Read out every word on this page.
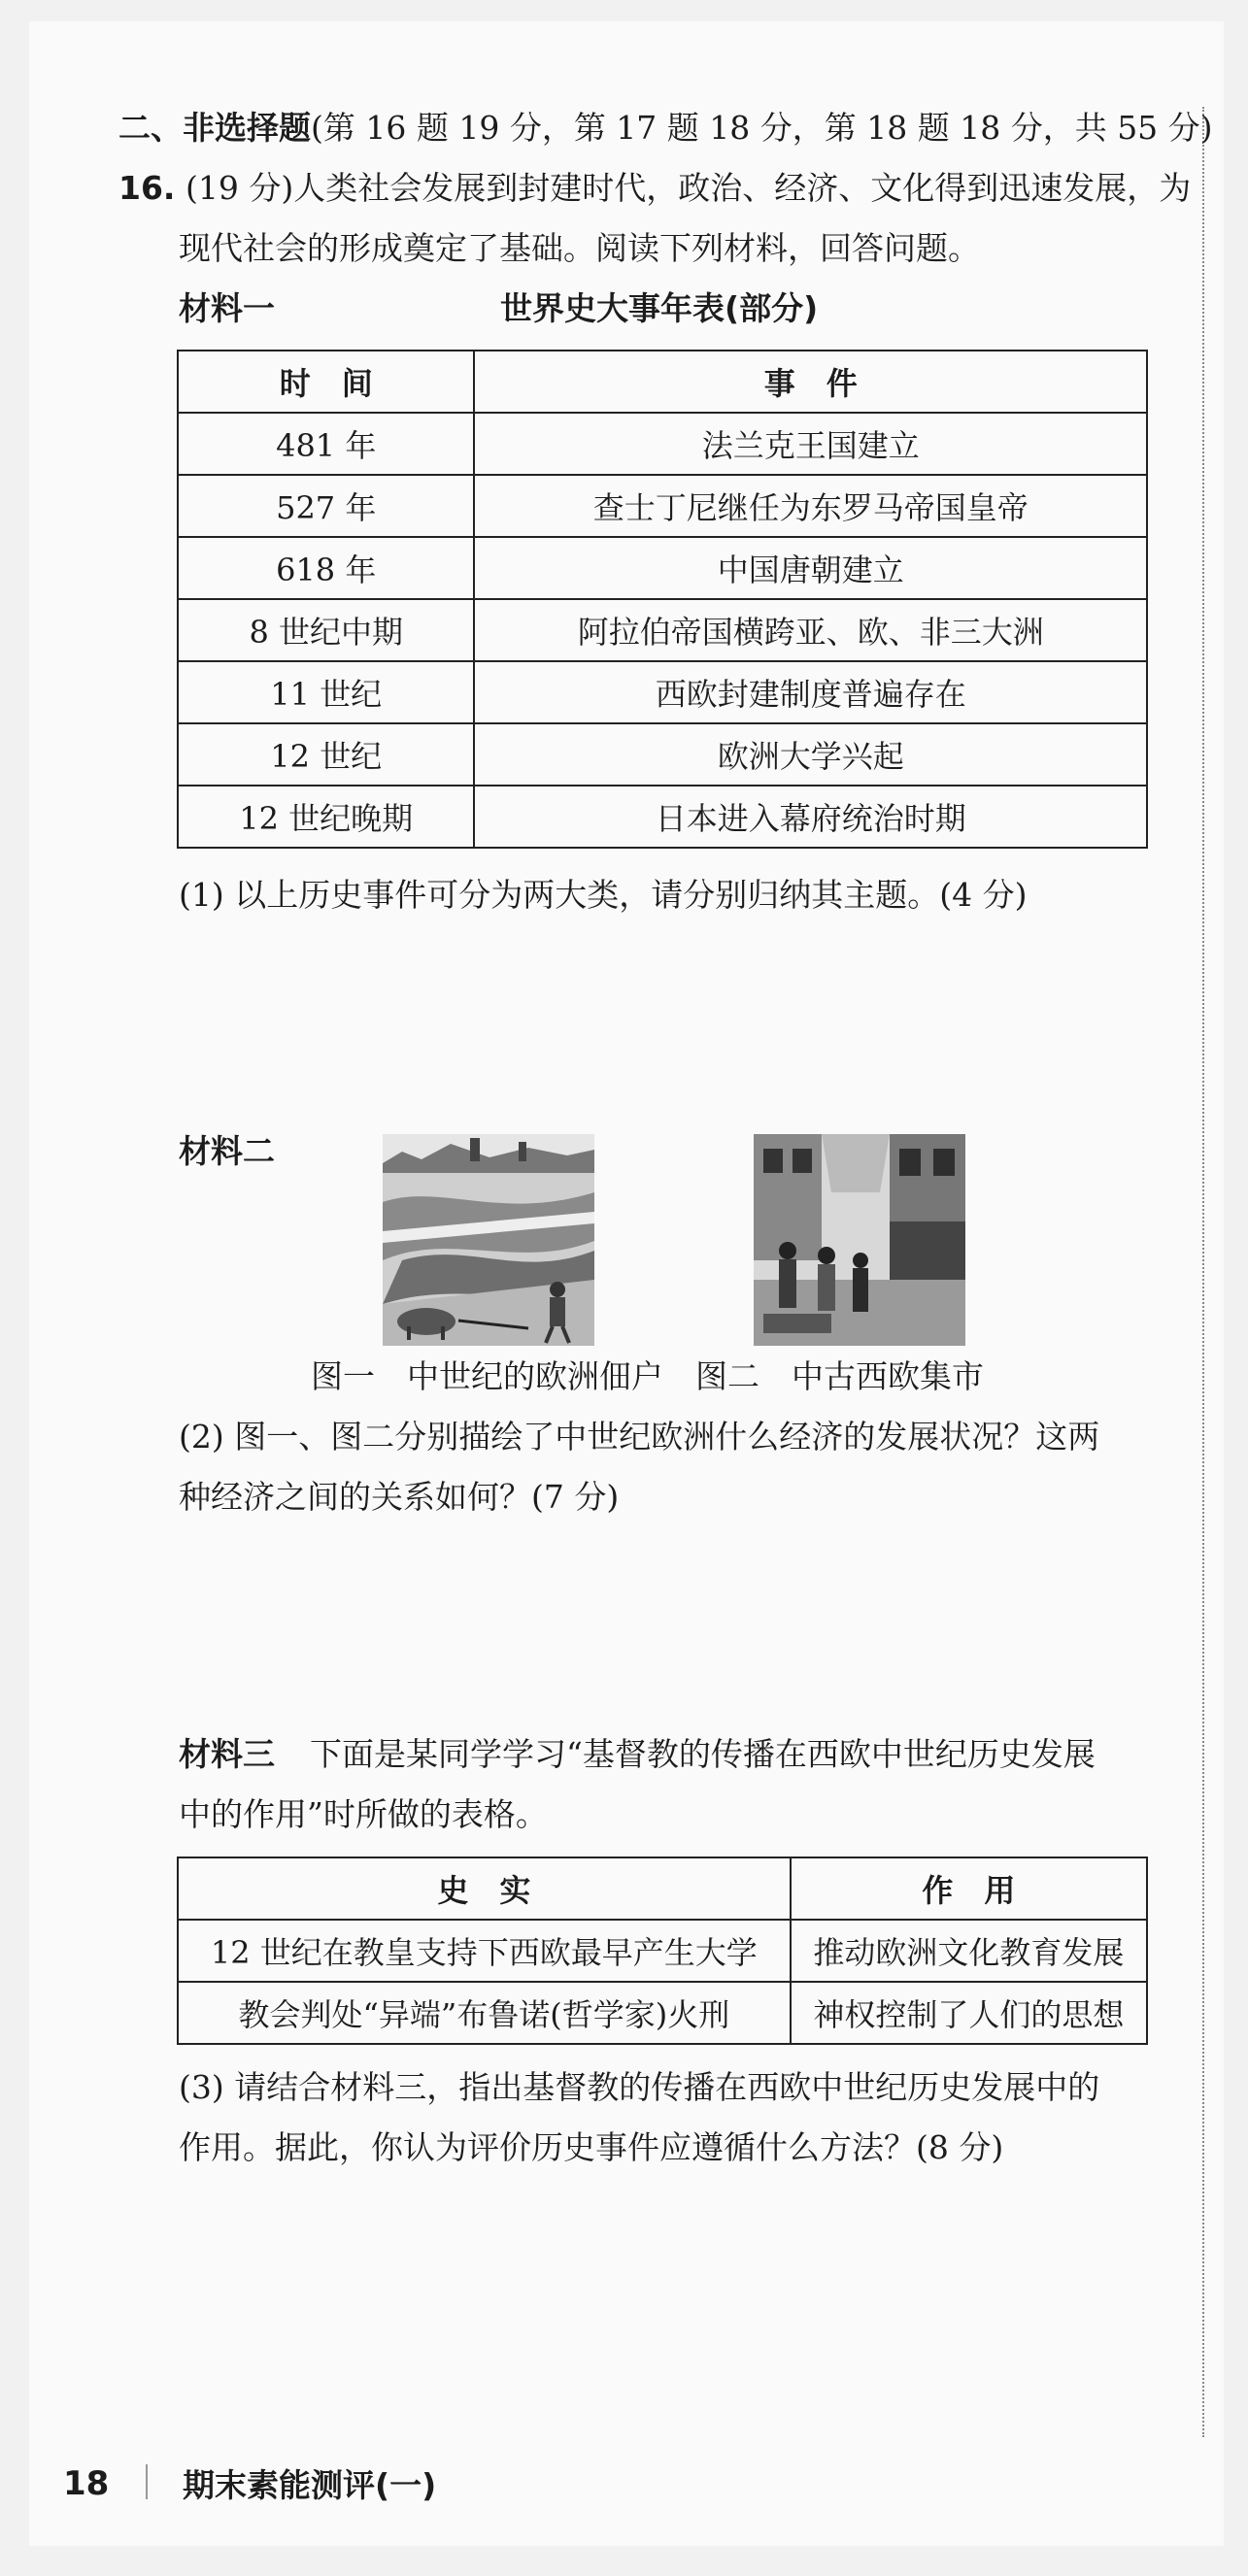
二、非选择题(第 16 题 19 分，第 17 题 18 分，第 18 题 18 分，共 55 分)
16. (19 分)人类社会发展到封建时代，政治、经济、文化得到迅速发展，为
现代社会的形成奠定了基础。阅读下列材料，回答问题。
材料一	世界史大事年表(部分)
时　间	事　件
481 年	法兰克王国建立
527 年	查士丁尼继任为东罗马帝国皇帝
618 年	中国唐朝建立
8 世纪中期	阿拉伯帝国横跨亚、欧、非三大洲
11 世纪	西欧封建制度普遍存在
12 世纪	欧洲大学兴起
12 世纪晚期	日本进入幕府统治时期
(1) 以上历史事件可分为两大类，请分别归纳其主题。(4 分)
材料二
图一　中世纪的欧洲佃户　图二　中古西欧集市
(2) 图一、图二分别描绘了中世纪欧洲什么经济的发展状况？这两
种经济之间的关系如何？(7 分)
材料三 下面是某同学学习“基督教的传播在西欧中世纪历史发展
中的作用”时所做的表格。
史　实	作　用
12 世纪在教皇支持下西欧最早产生大学	推动欧洲文化教育发展
教会判处“异端”布鲁诺(哲学家)火刑	神权控制了人们的思想
(3) 请结合材料三，指出基督教的传播在西欧中世纪历史发展中的
作用。据此，你认为评价历史事件应遵循什么方法？(8 分)
18 期末素能测评(一)
